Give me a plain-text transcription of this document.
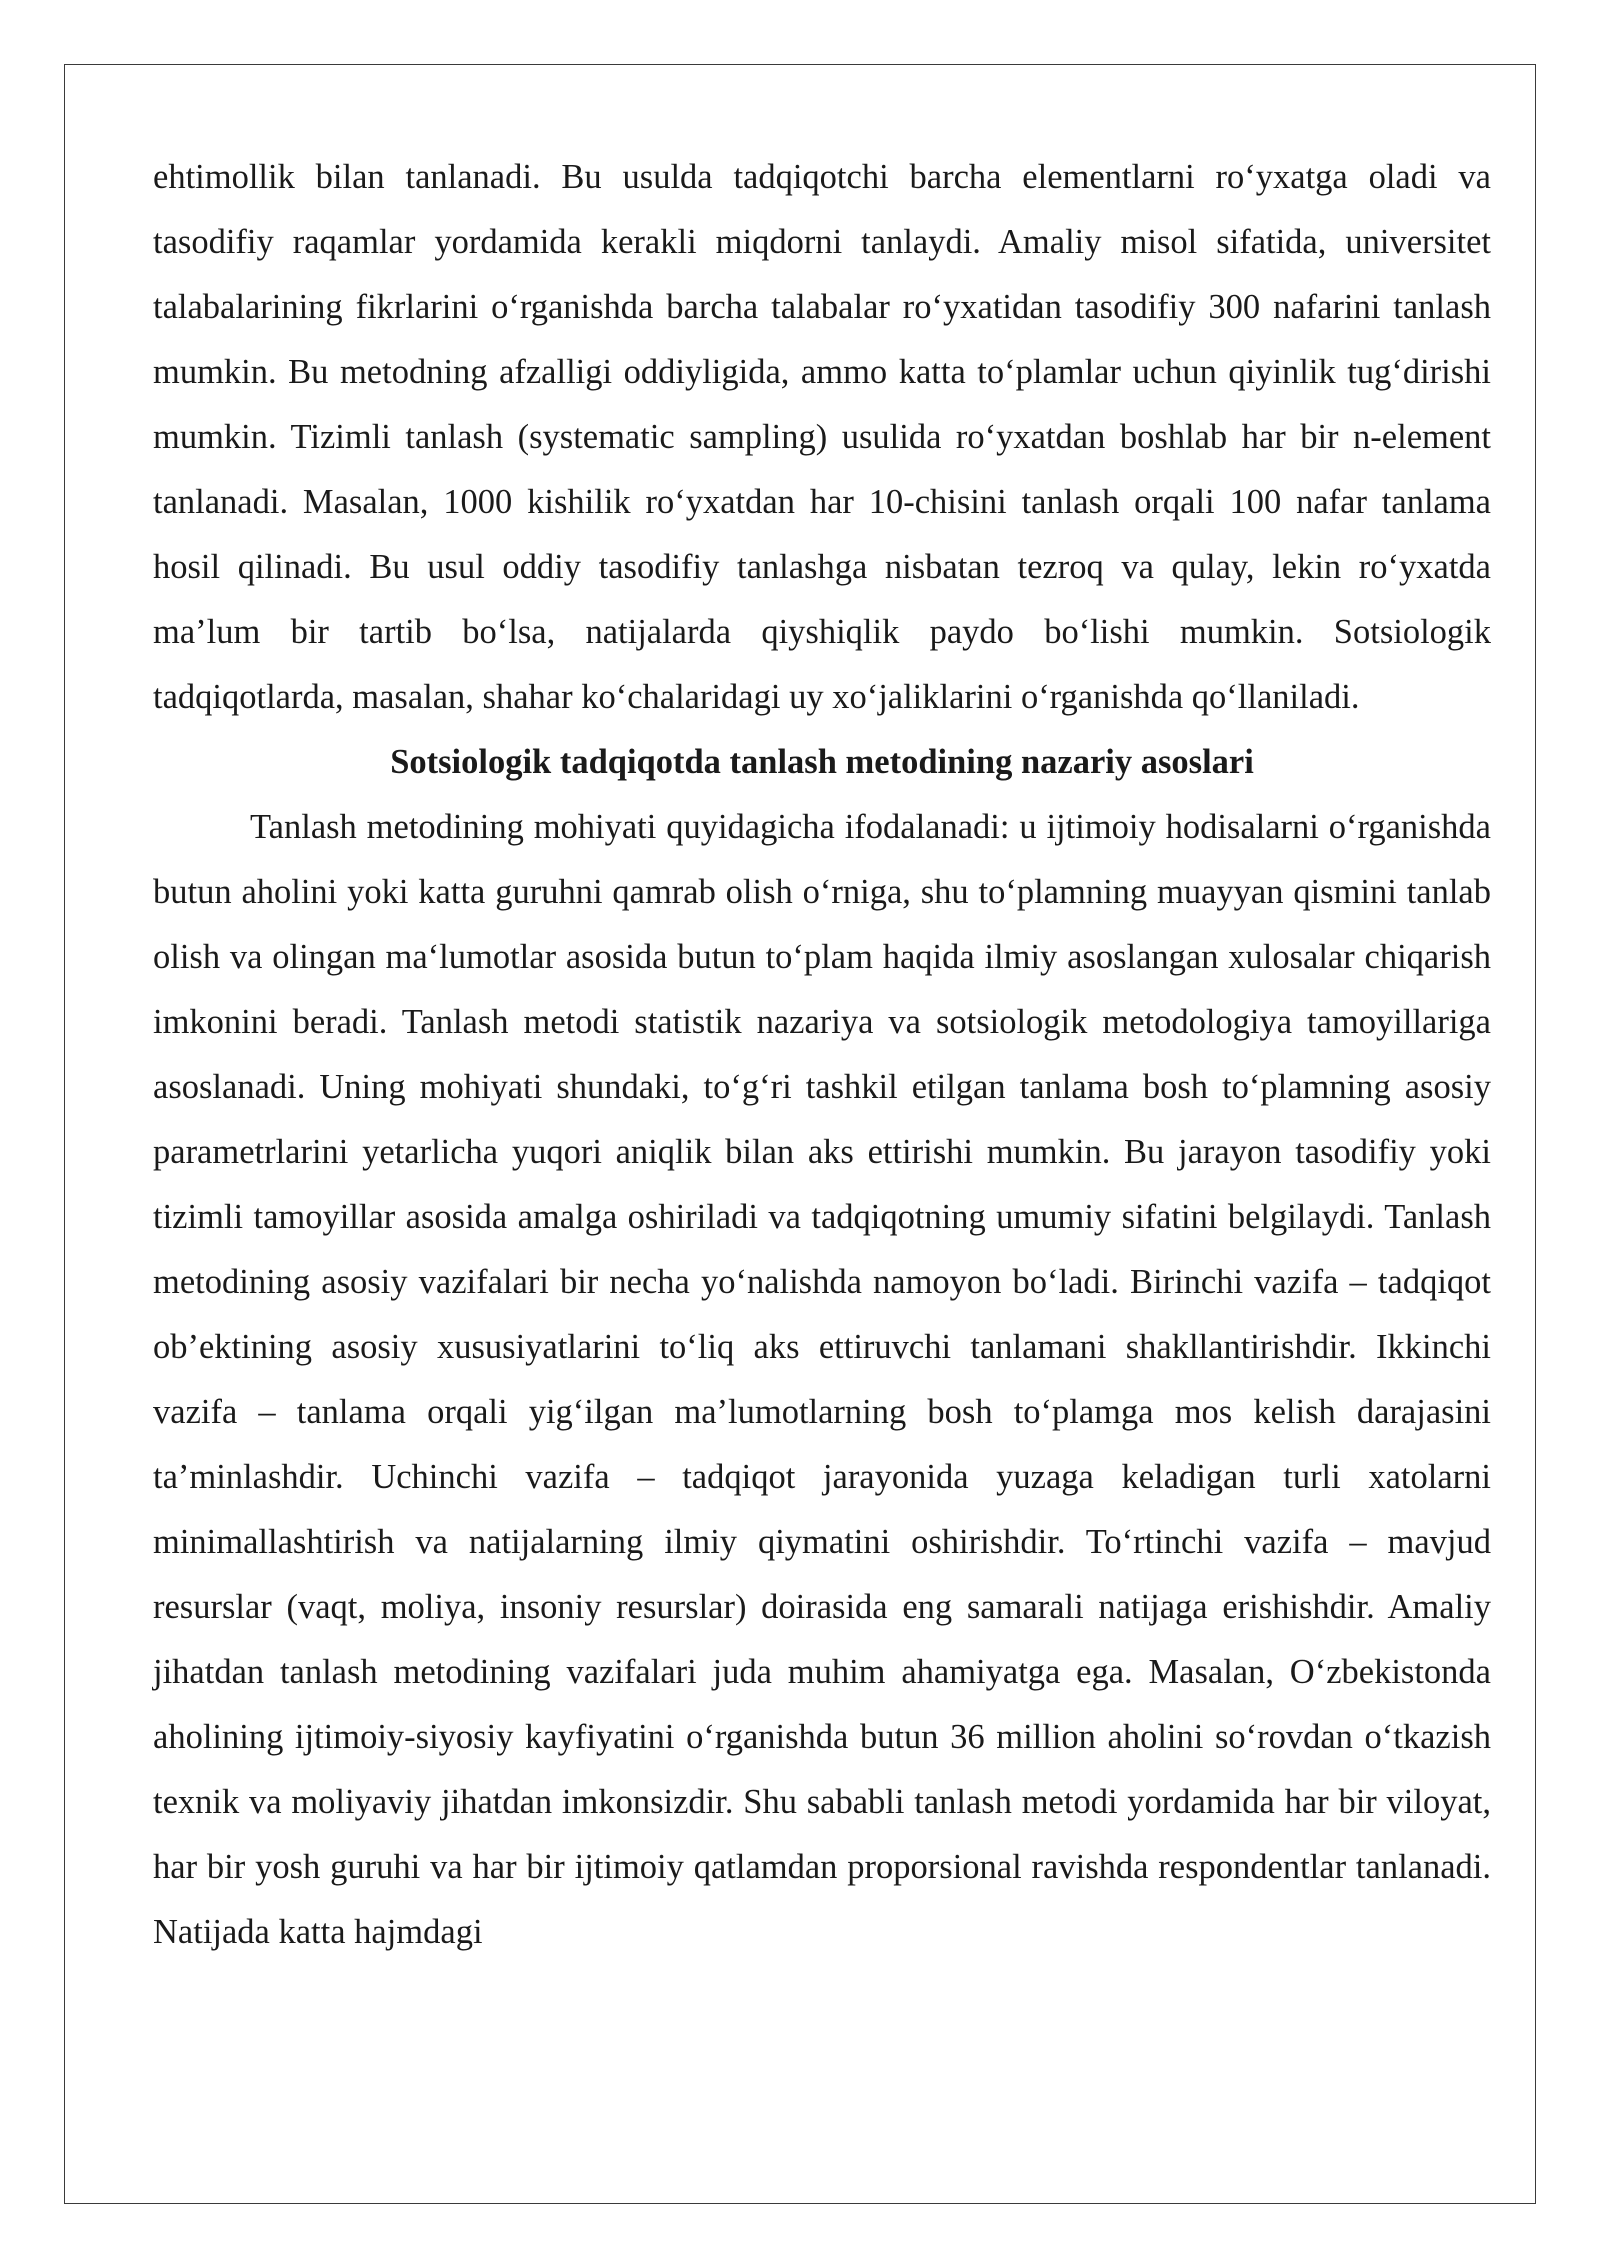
ehtimollik bilan tanlanadi. Bu usulda tadqiqotchi barcha elementlarni ro‘yxatga oladi va tasodifiy raqamlar yordamida kerakli miqdorni tanlaydi. Amaliy misol sifatida, universitet talabalarining fikrlarini o‘rganishda barcha talabalar ro‘yxatidan tasodifiy 300 nafarini tanlash mumkin. Bu metodning afzalligi oddiyligida, ammo katta to‘plamlar uchun qiyinlik tug‘dirishi mumkin. Tizimli tanlash (systematic sampling) usulida ro‘yxatdan boshlab har bir n-element tanlanadi. Masalan, 1000 kishilik ro‘yxatdan har 10-chisini tanlash orqali 100 nafar tanlama hosil qilinadi. Bu usul oddiy tasodifiy tanlashga nisbatan tezroq va qulay, lekin ro‘yxatda ma’lum bir tartib bo‘lsa, natijalarda qiyshiqlik paydo bo‘lishi mumkin. Sotsiologik tadqiqotlarda, masalan, shahar ko‘chalaridagi uy xo‘jaliklarini o‘rganishda qo‘llaniladi.

Sotsiologik tadqiqotda tanlash metodining nazariy asoslari

Tanlash metodining mohiyati quyidagicha ifodalanadi: u ijtimoiy hodisalarni o‘rganishda butun aholini yoki katta guruhni qamrab olish o‘rniga, shu to‘plamning muayyan qismini tanlab olish va olingan ma‘lumotlar asosida butun to‘plam haqida ilmiy asoslangan xulosalar chiqarish imkonini beradi. Tanlash metodi statistik nazariya va sotsiologik metodologiya tamoyillariga asoslanadi. Uning mohiyati shundaki, to‘g‘ri tashkil etilgan tanlama bosh to‘plamning asosiy parametrlarini yetarlicha yuqori aniqlik bilan aks ettirishi mumkin. Bu jarayon tasodifiy yoki tizimli tamoyillar asosida amalga oshiriladi va tadqiqotning umumiy sifatini belgilaydi. Tanlash metodining asosiy vazifalari bir necha yo‘nalishda namoyon bo‘ladi. Birinchi vazifa – tadqiqot ob’ektining asosiy xususiyatlarini to‘liq aks ettiruvchi tanlamani shakllantirishdir. Ikkinchi vazifa – tanlama orqali yig‘ilgan ma’lumotlarning bosh to‘plamga mos kelish darajasini ta’minlashdir. Uchinchi vazifa – tadqiqot jarayonida yuzaga keladigan turli xatolarni minimallashtirish va natijalarning ilmiy qiymatini oshirishdir. To‘rtinchi vazifa – mavjud resurslar (vaqt, moliya, insoniy resurslar) doirasida eng samarali natijaga erishishdir. Amaliy jihatdan tanlash metodining vazifalari juda muhim ahamiyatga ega. Masalan, O‘zbekistonda aholining ijtimoiy-siyosiy kayfiyatini o‘rganishda butun 36 million aholini so‘rovdan o‘tkazish texnik va moliyaviy jihatdan imkonsizdir. Shu sababli tanlash metodi yordamida har bir viloyat, har bir yosh guruhi va har bir ijtimoiy qatlamdan proporsional ravishda respondentlar tanlanadi. Natijada katta hajmdagi
